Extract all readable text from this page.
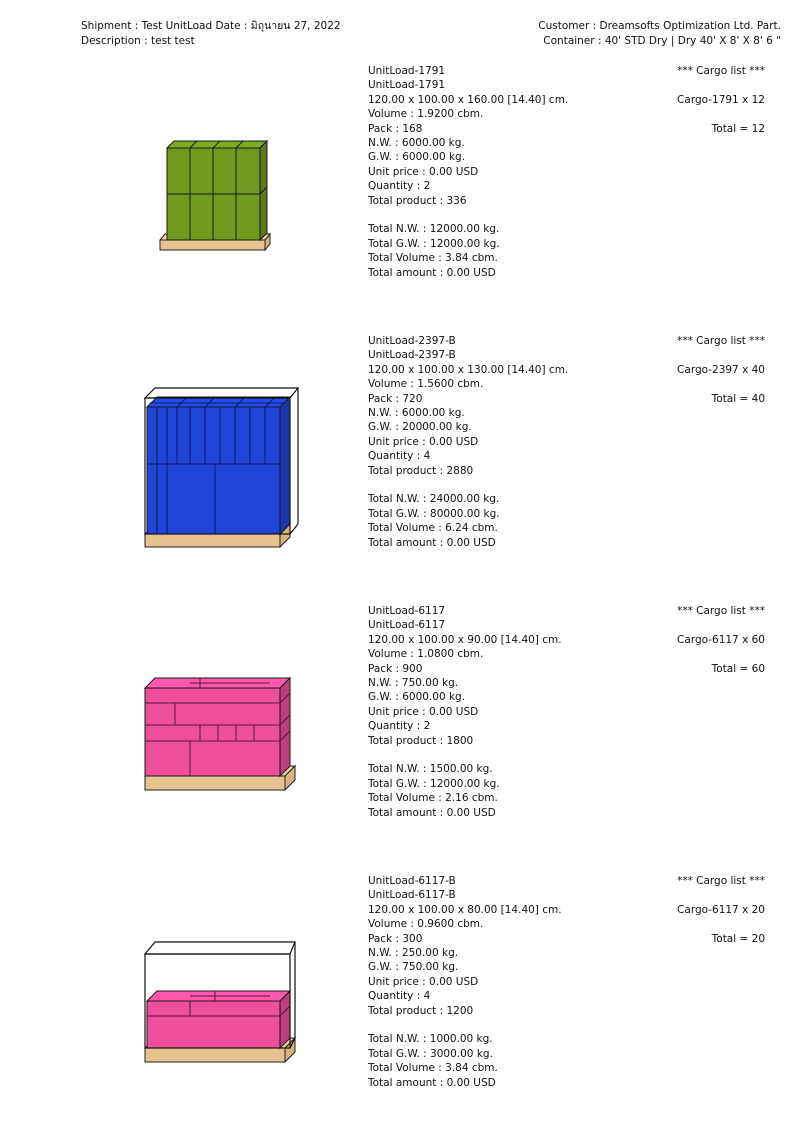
Shipment : Test UnitLoad Date : มิถุนายน 27, 2022
Description : test test
Customer : Dreamsofts Optimization Ltd. Part.
Container : 40' STD Dry | Dry 40' X 8' X 8' 6 "
UnitLoad-1791
UnitLoad-1791
120.00 x 100.00 x 160.00 [14.40] cm.
Volume : 1.9200 cbm.
Pack : 168
N.W. : 6000.00 kg.
G.W. : 6000.00 kg.
Unit price : 0.00 USD
Quantity : 2
Total product : 336
Total N.W. : 12000.00 kg.
Total G.W. : 12000.00 kg.
Total Volume : 3.84 cbm.
Total amount : 0.00 USD
*** Cargo list ***
Cargo-1791 x 12
Total = 12
UnitLoad-2397-B
UnitLoad-2397-B
120.00 x 100.00 x 130.00 [14.40] cm.
Volume : 1.5600 cbm.
Pack : 720
N.W. : 6000.00 kg.
G.W. : 20000.00 kg.
Unit price : 0.00 USD
Quantity : 4
Total product : 2880
Total N.W. : 24000.00 kg.
Total G.W. : 80000.00 kg.
Total Volume : 6.24 cbm.
Total amount : 0.00 USD
*** Cargo list ***
Cargo-2397 x 40
Total = 40
UnitLoad-6117
UnitLoad-6117
120.00 x 100.00 x 90.00 [14.40] cm.
Volume : 1.0800 cbm.
Pack : 900
N.W. : 750.00 kg.
G.W. : 6000.00 kg.
Unit price : 0.00 USD
Quantity : 2
Total product : 1800
Total N.W. : 1500.00 kg.
Total G.W. : 12000.00 kg.
Total Volume : 2.16 cbm.
Total amount : 0.00 USD
*** Cargo list ***
Cargo-6117 x 60
Total = 60
UnitLoad-6117-B
UnitLoad-6117-B
120.00 x 100.00 x 80.00 [14.40] cm.
Volume : 0.9600 cbm.
Pack : 300
N.W. : 250.00 kg.
G.W. : 750.00 kg.
Unit price : 0.00 USD
Quantity : 4
Total product : 1200
Total N.W. : 1000.00 kg.
Total G.W. : 3000.00 kg.
Total Volume : 3.84 cbm.
Total amount : 0.00 USD
*** Cargo list ***
Cargo-6117 x 20
Total = 20
